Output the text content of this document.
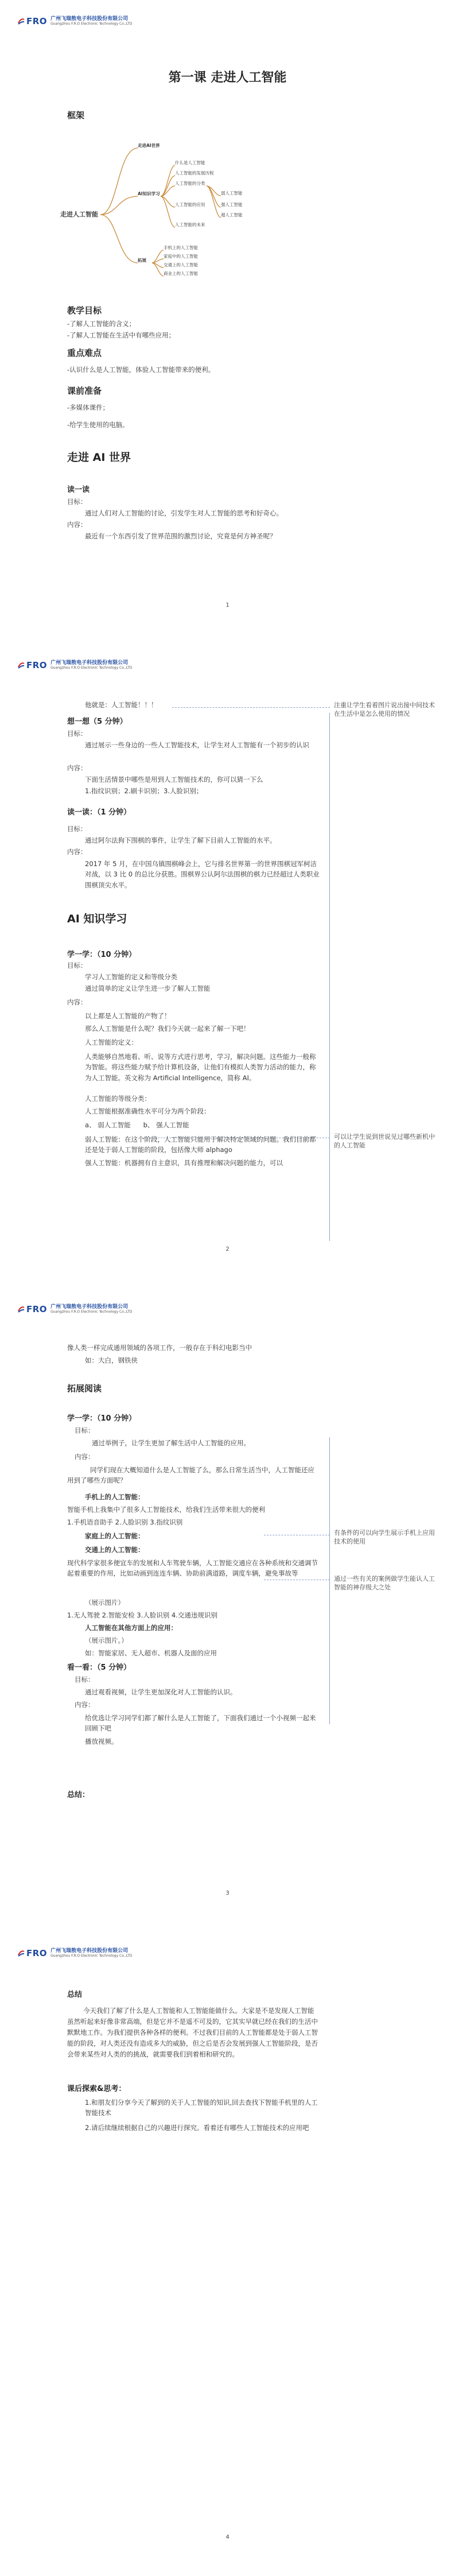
FRO 广州飞瑞敖电子科技股份有限公司
Guangzhou F.R.O Electronic Technology Co.,LTD
第一课 走进人工智能
框架
走进人工智能
走进AI世界
AI知识学习
什么是人工智能
人工智能的发展历程
人工智能的分类
人工智能的应用
人工智能的未来
弱人工智能
强人工智能
超人工智能
拓展
手机上的人工智能
家庭中的人工智能
交通上的人工智能
商业上的人工智能
教学目标
-了解人工智能的含义；
-了解人工智能在生活中有哪些应用；
重点难点
-认识什么是人工智能，体验人工智能带来的便利。
课前准备
-多媒体课件；
-给学生使用的电脑。
走进 AI 世界
读一读
目标：
通过人们对人工智能的讨论，引发学生对人工智能的思考和好奇心。
内容：
最近有一个东西引发了世界范围的激烈讨论，究竟是何方神圣呢？
1
FRO 广州飞瑞敖电子科技股份有限公司
Guangzhou F.R.O Electronic Technology Co.,LTD
他就是：人工智能！！！
想一想（5 分钟）
目标：
通过展示一些身边的一些人工智能技术，让学生对人工智能有一个初步的认识
内容：
下面生活情景中哪些是用到人工智能技术的，你可以猜一下么
1.指纹识别；2.刷卡识别；3.人脸识别；
读一读：（1 分钟）
目标：
通过阿尔法狗下围棋的事件，让学生了解下目前人工智能的水平。
内容：
2017 年 5 月，在中国乌镇围棋峰会上，它与排名世界第一的世界围棋冠军柯洁对战，以 3 比 0 的总比分获胜。围棋界公认阿尔法围棋的棋力已经超过人类职业围棋顶尖水平。
AI 知识学习
学一学：（10 分钟）
目标：
学习人工智能的定义和等级分类
通过简单的定义让学生进一步了解人工智能
内容：
以上都是人工智能的产物了！
那么人工智能是什么呢？我们今天就一起来了解一下吧！
人工智能的定义：
人类能够自然地看、听、说等方式进行思考，学习，解决问题。这些能力一般称为智能。将这些能力赋予给计算机设备，让他们有模拟人类智力活动的能力，称为人工智能。英文称为 Artificial Intelligence，简称 AI。
人工智能的等级分类：
人工智能根据准确性水平可分为两个阶段：
a、 弱人工智能      b、 强人工智能
弱人工智能：在这个阶段，人工智能只能用于解决特定领域的问题。我们目前都还是处于弱人工智能的阶段，包括像大师 alphago
强人工智能：机器拥有自主意识，具有推理和解决问题的能力，可以
注重让学生看着图片说出接中间技术在生活中是怎么使用的情况
可以让学生说到世说见过哪些新机中的人工智能
2
FRO 广州飞瑞敖电子科技股份有限公司
Guangzhou F.R.O Electronic Technology Co.,LTD
像人类一样完成通用领域的各项工作，一般存在于科幻电影当中
如：大白，钢铁侠
拓展阅读
学一学：（10 分钟）
目标：
通过举例子，让学生更加了解生活中人工智能的应用。
内容：
同学们现在大概知道什么是人工智能了么，那么日常生活当中，人工智能还应用到了哪些方面呢？
手机上的人工智能：
智能手机上我集中了很多人工智能技术，给我们生活带来很大的便利
1.手机语音助手 2.人脸识别 3.指纹识别
家庭上的人工智能：
交通上的人工智能：
现代科学家很多便宜车的发展和人车驾驶车辆，人工智能交通应在各种系统和交通调节起着重要的作用，比如动画到连连车辆、协助前满道路，调度车辆，避免事故等
（展示图片）
1.无人驾驶 2.智能安检 3.人脸识别 4.交通违规识别
人工智能在其他方面上的应用：
（展示图片。）
如：智能家居、无人超市、机器人及面的应用
看一看：（5 分钟）
目标：
通过观看视频，让学生更加深化对人工智能的认识。
内容：
给优选让学习同学们都了解什么是人工智能了，下面我们通过一个小视频一起来回顾下吧
播放视频。
总结：
有条件的可以向学生展示手机上应用技术的使用
通过一些有关的案例做学生能认人工智能的神存级大之处
3
FRO 广州飞瑞敖电子科技股份有限公司
Guangzhou F.R.O Electronic Technology Co.,LTD
总结
今天我们了解了什么是人工智能和人工智能能做什么。大家是不是发现人工智能虽然听起来好像非常高端，但是它并不是遥不可及的，它其实早就已经在我们的生活中默默地工作。为我们提供各种各样的便利。不过我们目前的人工智能都是处于弱人工智能的阶段，对人类还没有造成多大的威胁，但之后是否会发展到强人工智能阶段，是否会带来某些对人类的的挑战，就需要我们到着相和研究的。
课后探索&思考：
1.和朋友们分享今天了解到的关于人工智能的知识,回去查找下智能手机里的人工智能技术
2.请后续继续根据自己的兴趣进行探究。看着还有哪些人工智能技术的应用吧
4
